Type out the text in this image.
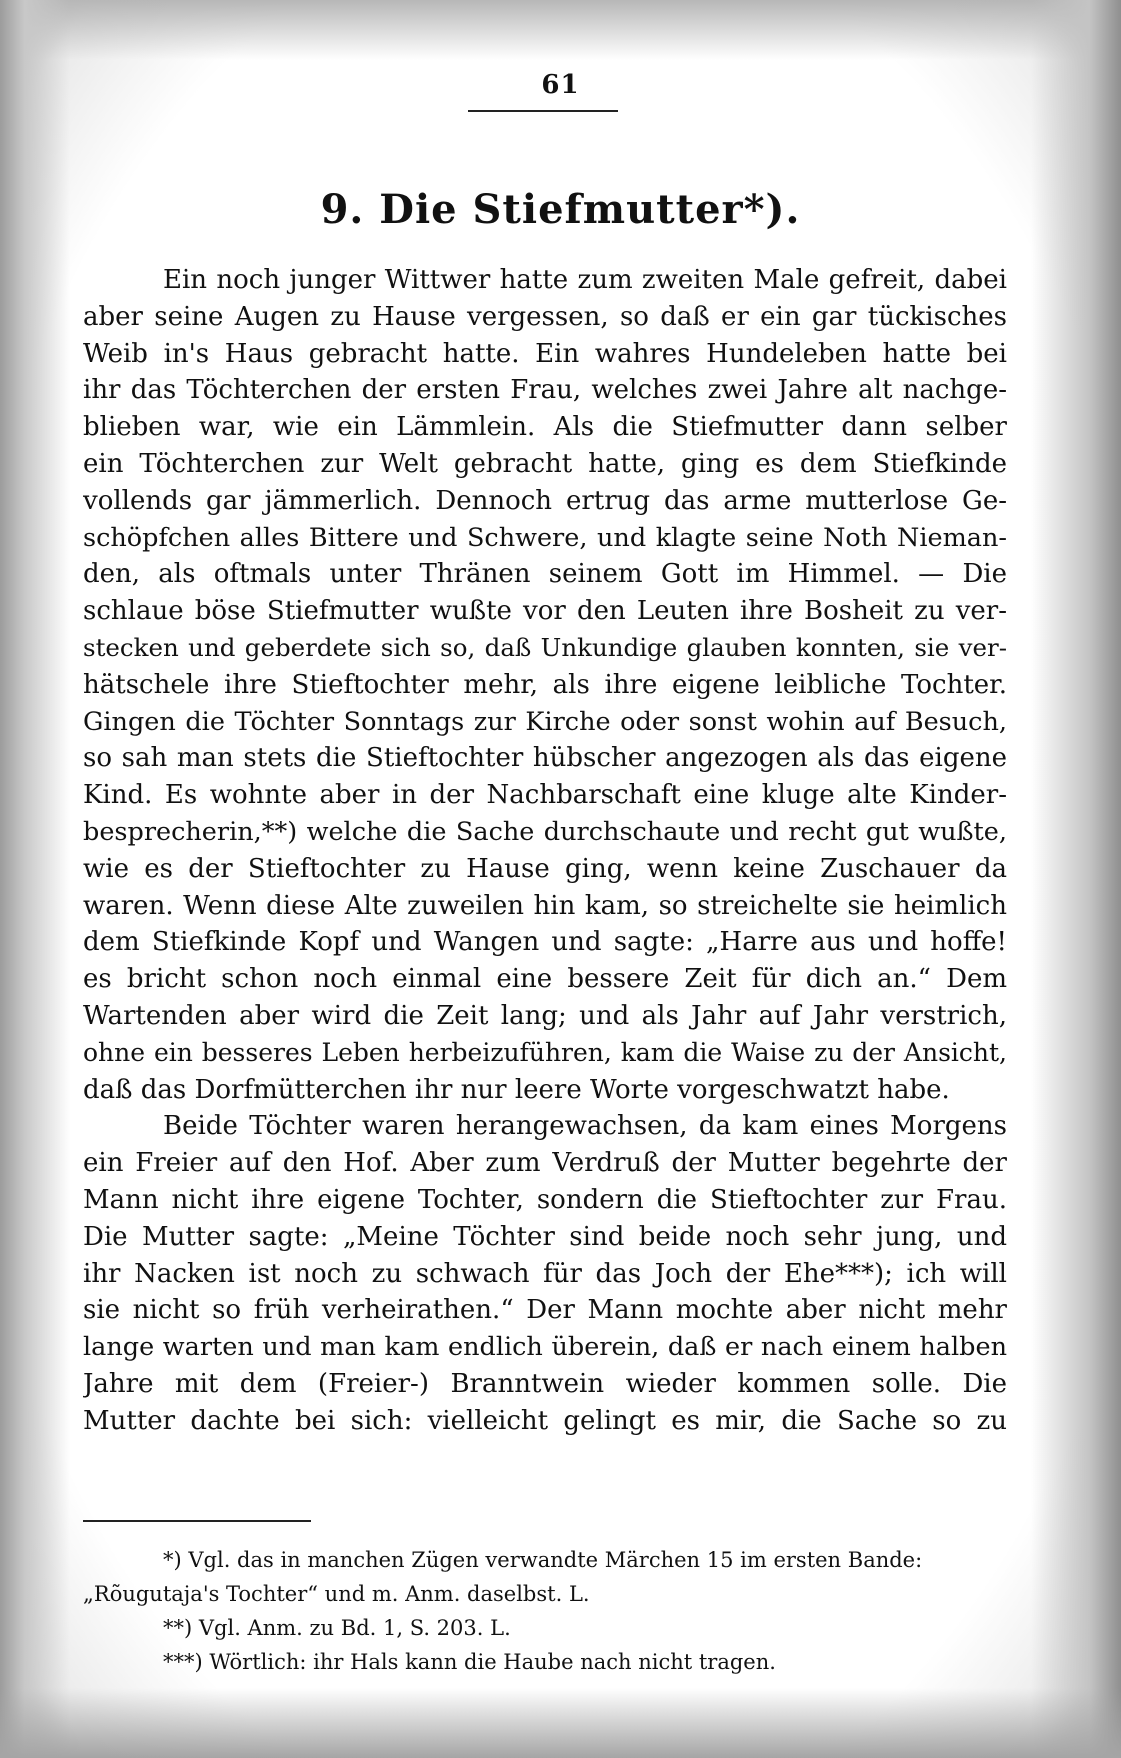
61
9. Die Stiefmutter*).
Ein noch junger Wittwer hatte zum zweiten Male gefreit, dabei
aber seine Augen zu Hause vergessen, so daß er ein gar tückisches
Weib in's Haus gebracht hatte. Ein wahres Hundeleben hatte bei
ihr das Töchterchen der ersten Frau, welches zwei Jahre alt nachge-
blieben war, wie ein Lämmlein. Als die Stiefmutter dann selber
ein Töchterchen zur Welt gebracht hatte, ging es dem Stiefkinde
vollends gar jämmerlich. Dennoch ertrug das arme mutterlose Ge-
schöpfchen alles Bittere und Schwere, und klagte seine Noth Nieman-
den, als oftmals unter Thränen seinem Gott im Himmel. — Die
schlaue böse Stiefmutter wußte vor den Leuten ihre Bosheit zu ver-
stecken und geberdete sich so, daß Unkundige glauben konnten, sie ver-
hätschele ihre Stieftochter mehr, als ihre eigene leibliche Tochter.
Gingen die Töchter Sonntags zur Kirche oder sonst wohin auf Besuch,
so sah man stets die Stieftochter hübscher angezogen als das eigene
Kind. Es wohnte aber in der Nachbarschaft eine kluge alte Kinder-
besprecherin,**) welche die Sache durchschaute und recht gut wußte,
wie es der Stieftochter zu Hause ging, wenn keine Zuschauer da
waren. Wenn diese Alte zuweilen hin kam, so streichelte sie heimlich
dem Stiefkinde Kopf und Wangen und sagte: „Harre aus und hoffe!
es bricht schon noch einmal eine bessere Zeit für dich an.“ Dem
Wartenden aber wird die Zeit lang; und als Jahr auf Jahr verstrich,
ohne ein besseres Leben herbeizuführen, kam die Waise zu der Ansicht,
daß das Dorfmütterchen ihr nur leere Worte vorgeschwatzt habe.
Beide Töchter waren herangewachsen, da kam eines Morgens
ein Freier auf den Hof. Aber zum Verdruß der Mutter begehrte der
Mann nicht ihre eigene Tochter, sondern die Stieftochter zur Frau.
Die Mutter sagte: „Meine Töchter sind beide noch sehr jung, und
ihr Nacken ist noch zu schwach für das Joch der Ehe***); ich will
sie nicht so früh verheirathen.“ Der Mann mochte aber nicht mehr
lange warten und man kam endlich überein, daß er nach einem halben
Jahre mit dem (Freier-) Branntwein wieder kommen solle. Die
Mutter dachte bei sich: vielleicht gelingt es mir, die Sache so zu
*) Vgl. das in manchen Zügen verwandte Märchen 15 im ersten Bande:
„Rõugutaja's Tochter“ und m. Anm. daselbst. L.
**) Vgl. Anm. zu Bd. 1, S. 203. L.
***) Wörtlich: ihr Hals kann die Haube nach nicht tragen.
